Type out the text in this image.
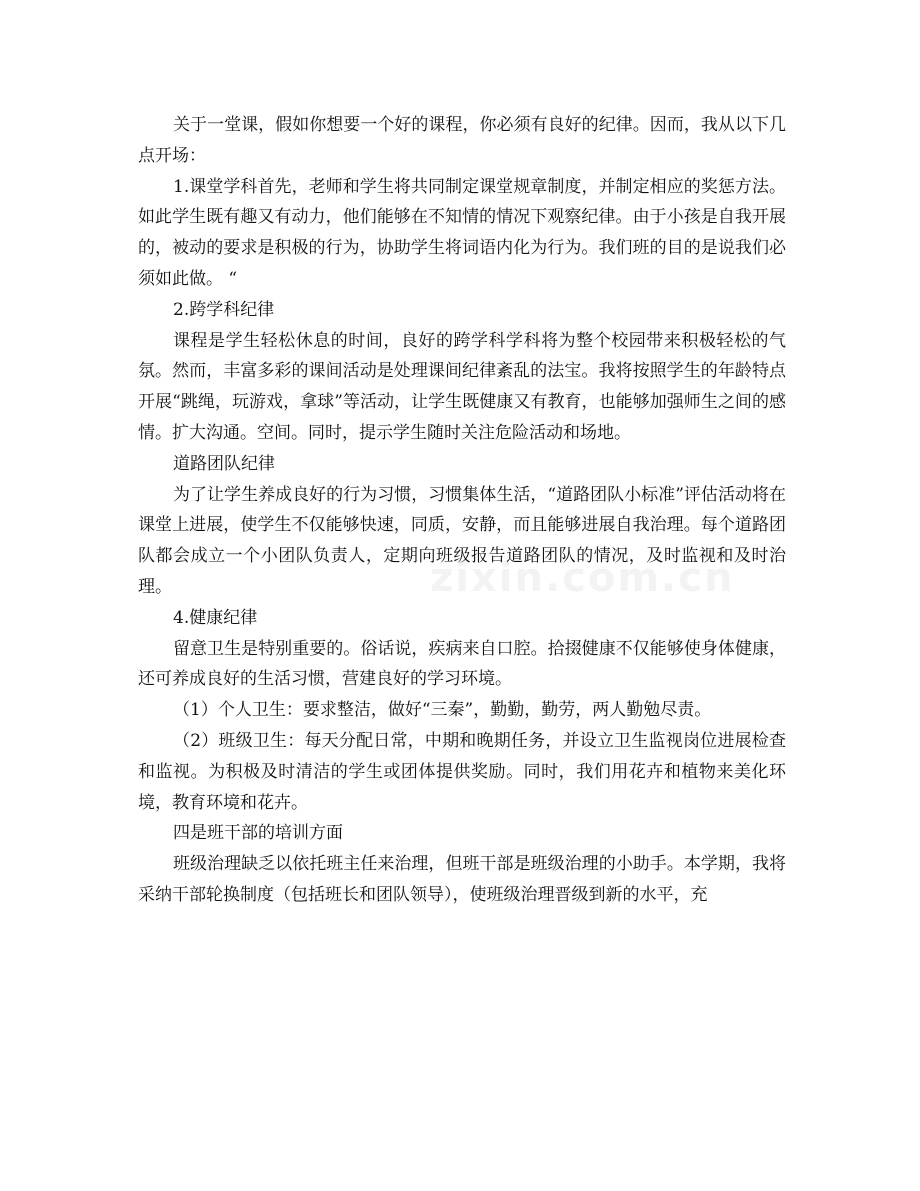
关于一堂课，假如你想要一个好的课程，你必须有良好的纪律。因而，我从以下几点开场：

1.课堂学科首先，老师和学生将共同制定课堂规章制度，并制定相应的奖惩方法。如此学生既有趣又有动力，他们能够在不知情的情况下观察纪律。由于小孩是自我开展的，被动的要求是积极的行为，协助学生将词语内化为行为。我们班的目的是说我们必须如此做。 “

2.跨学科纪律

课程是学生轻松休息的时间，良好的跨学科学科将为整个校园带来积极轻松的气氛。然而，丰富多彩的课间活动是处理课间纪律紊乱的法宝。我将按照学生的年龄特点开展“跳绳，玩游戏，拿球”等活动，让学生既健康又有教育，也能够加强师生之间的感情。扩大沟通。空间。同时，提示学生随时关注危险活动和场地。

道路团队纪律

为了让学生养成良好的行为习惯，习惯集体生活，“道路团队小标准”评估活动将在课堂上进展，使学生不仅能够快速，同质，安静，而且能够进展自我治理。每个道路团队都会成立一个小团队负责人，定期向班级报告道路团队的情况，及时监视和及时治理。

4.健康纪律

留意卫生是特别重要的。俗话说，疾病来自口腔。拾掇健康不仅能够使身体健康，还可养成良好的生活习惯，营建良好的学习环境。

（1）个人卫生：要求整洁，做好“三秦”，勤勤，勤劳，两人勤勉尽责。

（2）班级卫生：每天分配日常，中期和晚期任务，并设立卫生监视岗位进展检查和监视。为积极及时清洁的学生或团体提供奖励。同时，我们用花卉和植物来美化环境，教育环境和花卉。

四是班干部的培训方面

班级治理缺乏以依托班主任来治理，但班干部是班级治理的小助手。本学期，我将采纳干部轮换制度（包括班长和团队领导），使班级治理晋级到新的水平，充

zixin.com.cn
